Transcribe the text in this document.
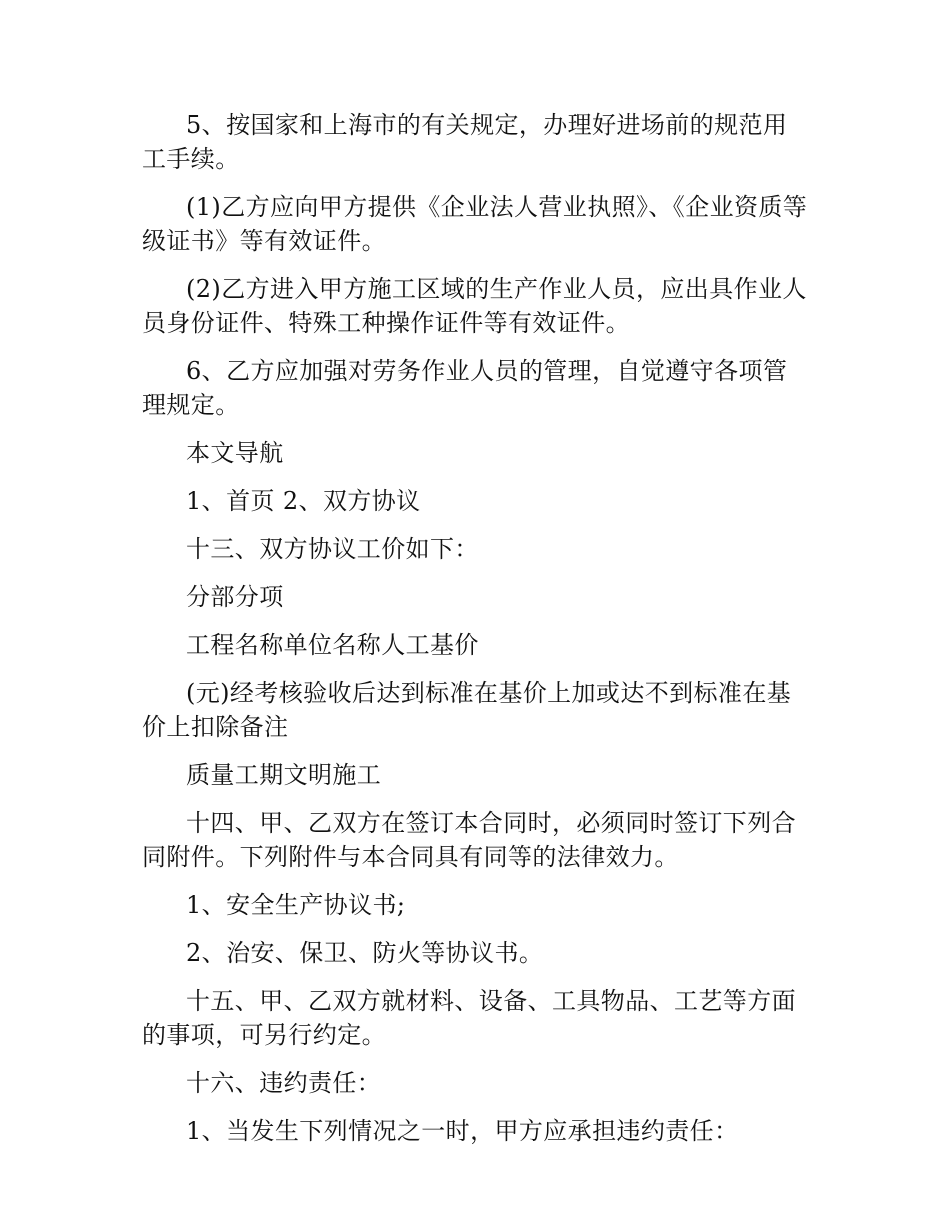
5、按国家和上海市的有关规定，办理好进场前的规范用工手续。

(1)乙方应向甲方提供《企业法人营业执照》、《企业资质等级证书》等有效证件。

(2)乙方进入甲方施工区域的生产作业人员，应出具作业人员身份证件、特殊工种操作证件等有效证件。

6、乙方应加强对劳务作业人员的管理，自觉遵守各项管理规定。

本文导航

1、首页 2、双方协议

十三、双方协议工价如下：

分部分项

工程名称单位名称人工基价

(元)经考核验收后达到标准在基价上加或达不到标准在基价上扣除备注

质量工期文明施工

十四、甲、乙双方在签订本合同时，必须同时签订下列合同附件。下列附件与本合同具有同等的法律效力。

1、安全生产协议书;

2、治安、保卫、防火等协议书。

十五、甲、乙双方就材料、设备、工具物品、工艺等方面的事项，可另行约定。

十六、违约责任：

1、当发生下列情况之一时，甲方应承担违约责任：
